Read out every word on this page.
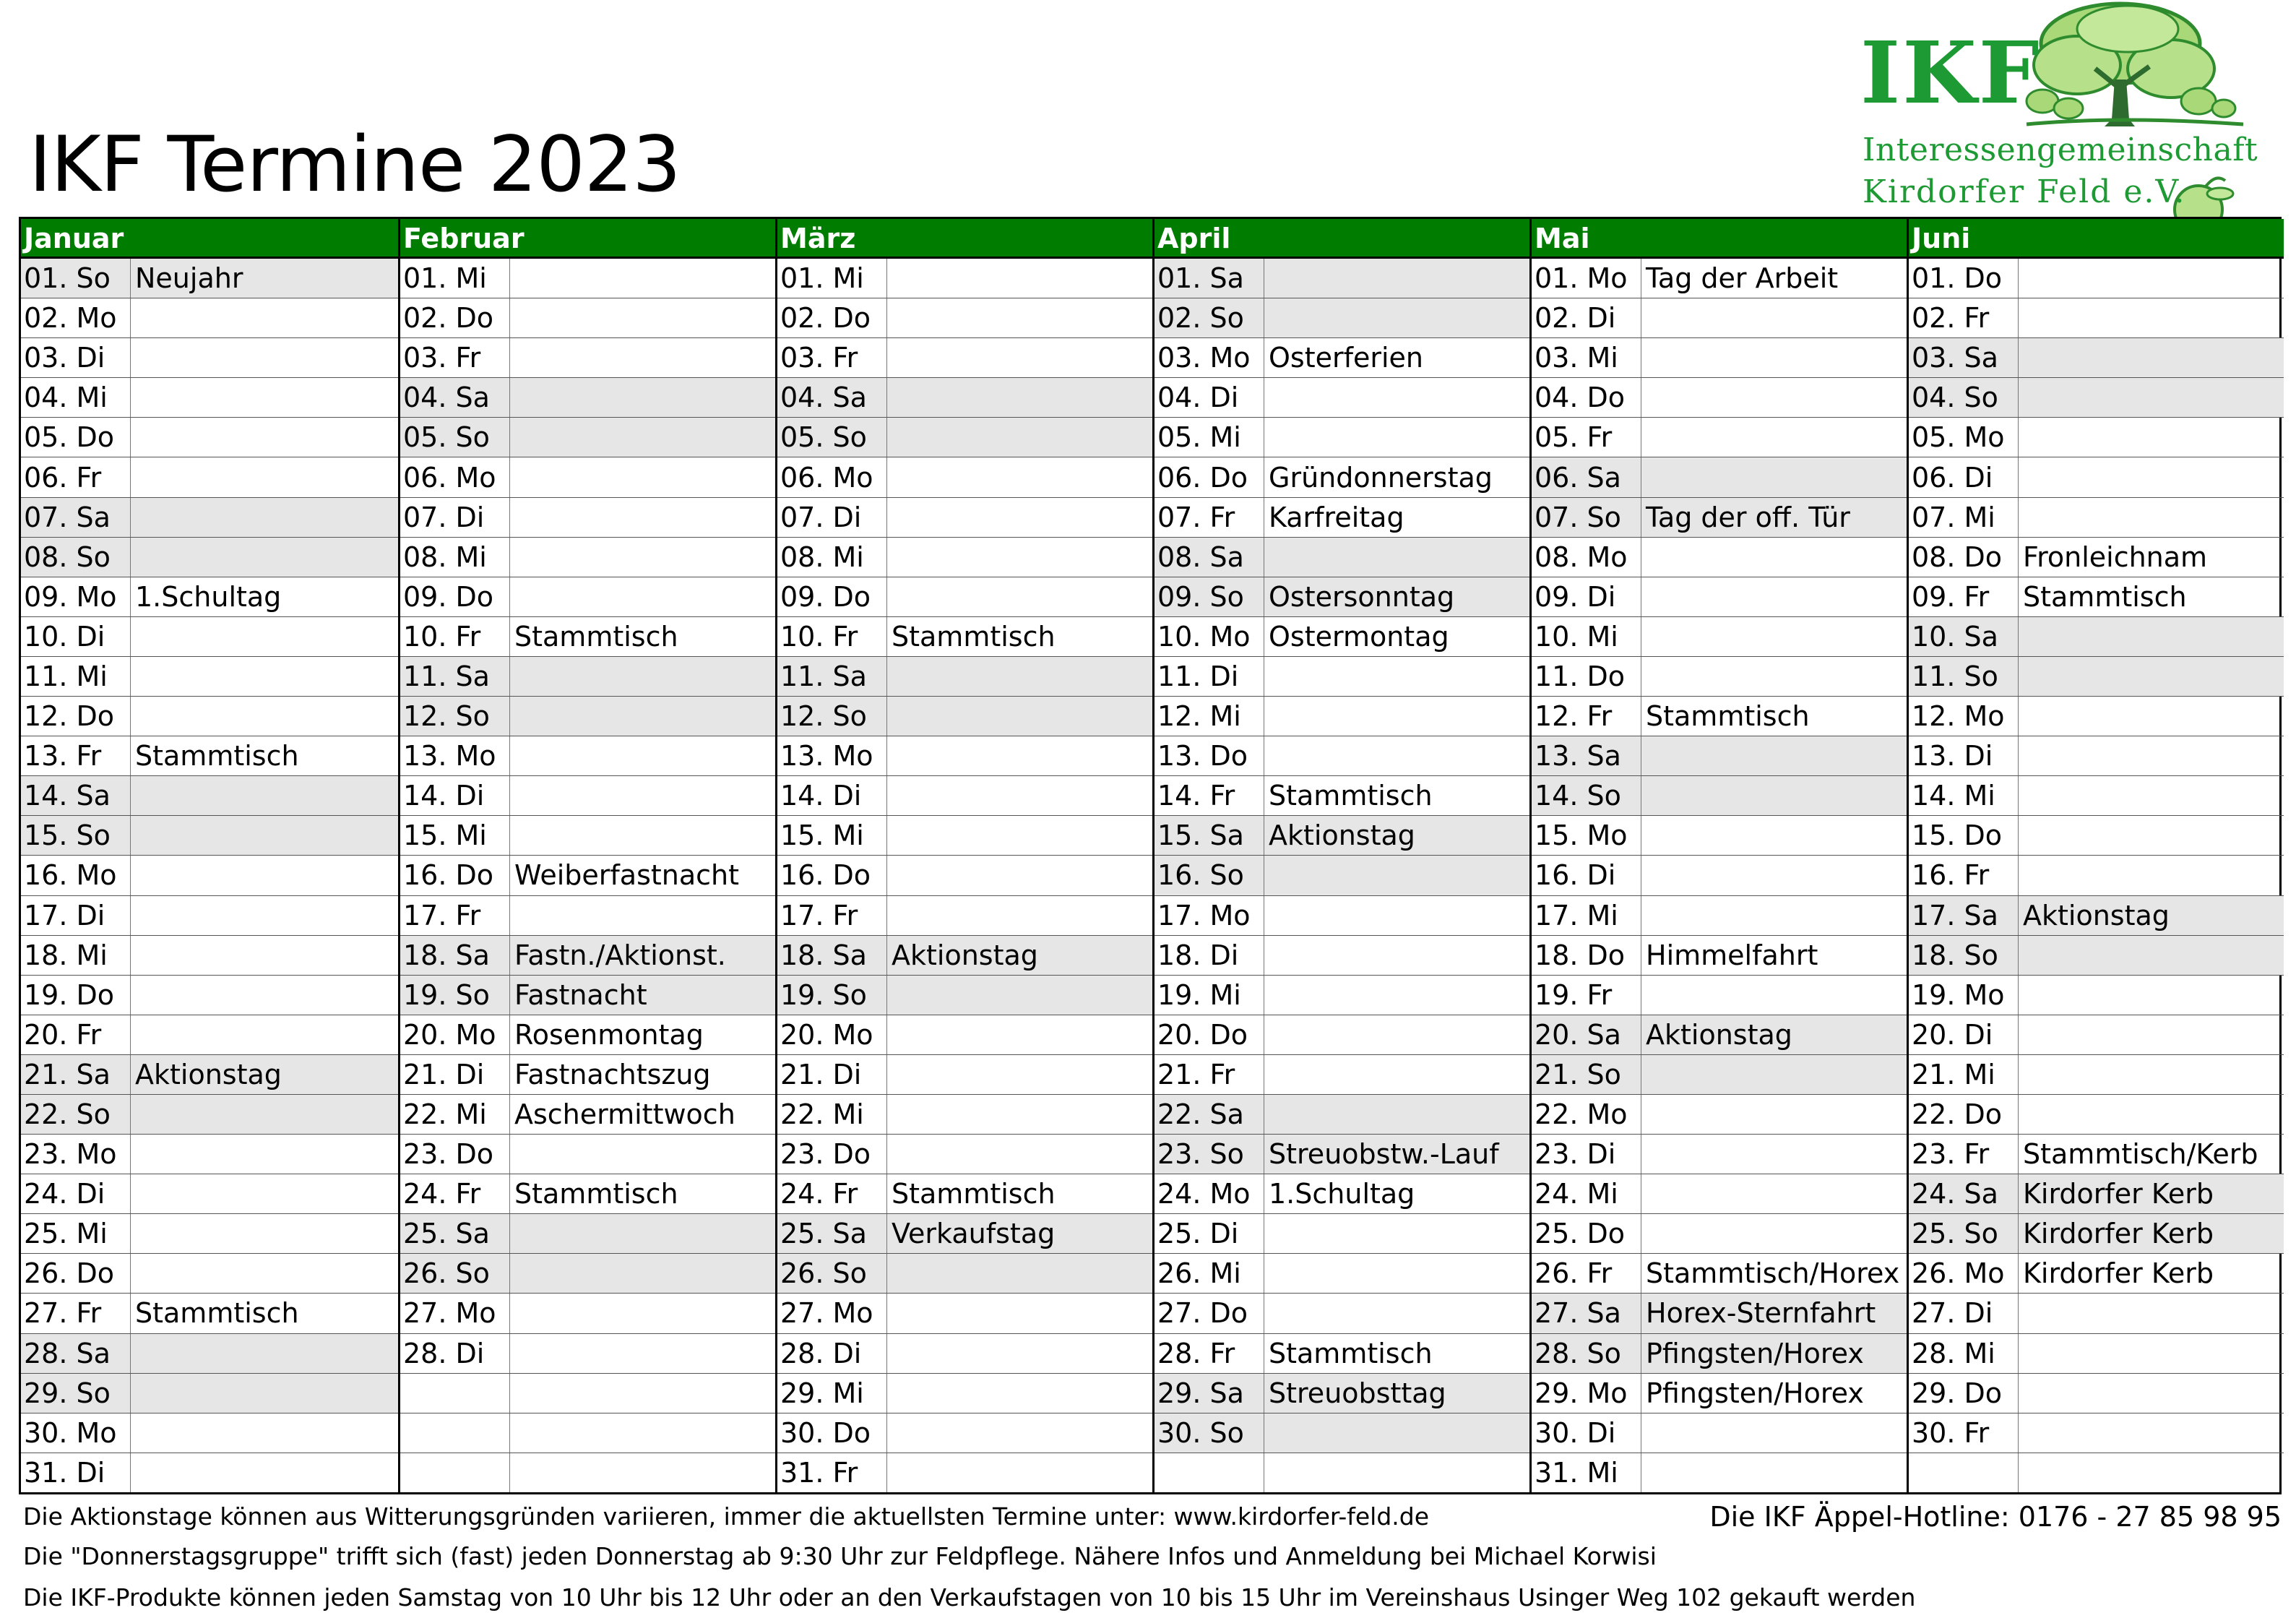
IKF Termine 2023
IKF
Interessengemeinschaft
Kirdorfer Feld e.V.
Januar
01. So Neujahr
02. Mo
03. Di
04. Mi
05. Do
06. Fr
07. Sa
08. So
09. Mo 1.Schultag
10. Di
11. Mi
12. Do
13. Fr	Stammtisch
14. Sa
15. So
16. Mo
17. Di
18. Mi
19. Do
20. Fr
21. Sa Aktionstag
22. So
23. Mo
24. Di
25. Mi
26. Do
27. Fr	Stammtisch
28. Sa
29. So
30. Mo
31. Di
Februar
01. Mi
02. Do
03. Fr
04. Sa
05. So
06. Mo
07. Di
08. Mi
09. Do
10. Fr	Stammtisch
11. Sa
12. So
13. Mo
14. Di
15. Mi
16. Do Weiberfastnacht
17. Fr
18. Sa Fastn./Aktionst.
19. So Fastnacht
20. Mo Rosenmontag
21. Di	Fastnachtszug
22. Mi	Aschermittwoch
23. Do
24. Fr	Stammtisch
25. Sa
26. So
27. Mo
28. Di
März
01. Mi
02. Do
03. Fr
04. Sa
05. So
06. Mo
07. Di
08. Mi
09. Do
10. Fr	Stammtisch
11. Sa
12. So
13. Mo
14. Di
15. Mi
16. Do
17. Fr
18. Sa Aktionstag
19. So
20. Mo
21. Di
22. Mi
23. Do
24. Fr	Stammtisch
25. Sa Verkaufstag
26. So
27. Mo
28. Di
29. Mi
30. Do
31. Fr
April
01. Sa
02. So
03. Mo Osterferien
04. Di
05. Mi
06. Do Gründonnerstag
07. Fr	Karfreitag
08. Sa
09. So Ostersonntag
10. Mo Ostermontag
11. Di
12. Mi
13. Do
14. Fr	Stammtisch
15. Sa Aktionstag
16. So
17. Mo
18. Di
19. Mi
20. Do
21. Fr
22. Sa
23. So Streuobstw.-Lauf
24. Mo 1.Schultag
25. Di
26. Mi
27. Do
28. Fr	Stammtisch
29. Sa Streuobsttag
30. So
Mai
01. Mo Tag der Arbeit
02. Di
03. Mi
04. Do
05. Fr
06. Sa
07. So Tag der off. Tür
08. Mo
09. Di
10. Mi
11. Do
12. Fr	Stammtisch
13. Sa
14. So
15. Mo
16. Di
17. Mi
18. Do Himmelfahrt
19. Fr
20. Sa Aktionstag
21. So
22. Mo
23. Di
24. Mi
25. Do
26. Fr	Stammtisch/Horex
27. Sa Horex-Sternfahrt
28. So Pfingsten/Horex
29. Mo Pfingsten/Horex
30. Di
31. Mi
Juni
01. Do
02. Fr
03. Sa
04. So
05. Mo
06. Di
07. Mi
08. Do Fronleichnam
09. Fr	Stammtisch
10. Sa
11. So
12. Mo
13. Di
14. Mi
15. Do
16. Fr
17. Sa Aktionstag
18. So
19. Mo
20. Di
21. Mi
22. Do
23. Fr	Stammtisch/Kerb
24. Sa Kirdorfer Kerb
25. So Kirdorfer Kerb
26. Mo Kirdorfer Kerb
27. Di
28. Mi
29. Do
30. Fr
Die Aktionstage können aus Witterungsgründen variieren, immer die aktuellsten Termine unter: www.kirdorfer-feld.de	Die IKF Äppel-Hotline: 0176 - 27 85 98 95
Die "Donnerstagsgruppe" trifft sich (fast) jeden Donnerstag ab 9:30 Uhr zur Feldpflege. Nähere Infos und Anmeldung bei Michael Korwisi
Die IKF-Produkte können jeden Samstag von 10 Uhr bis 12 Uhr oder an den Verkaufstagen von 10 bis 15 Uhr im Vereinshaus Usinger Weg 102 gekauft werden
